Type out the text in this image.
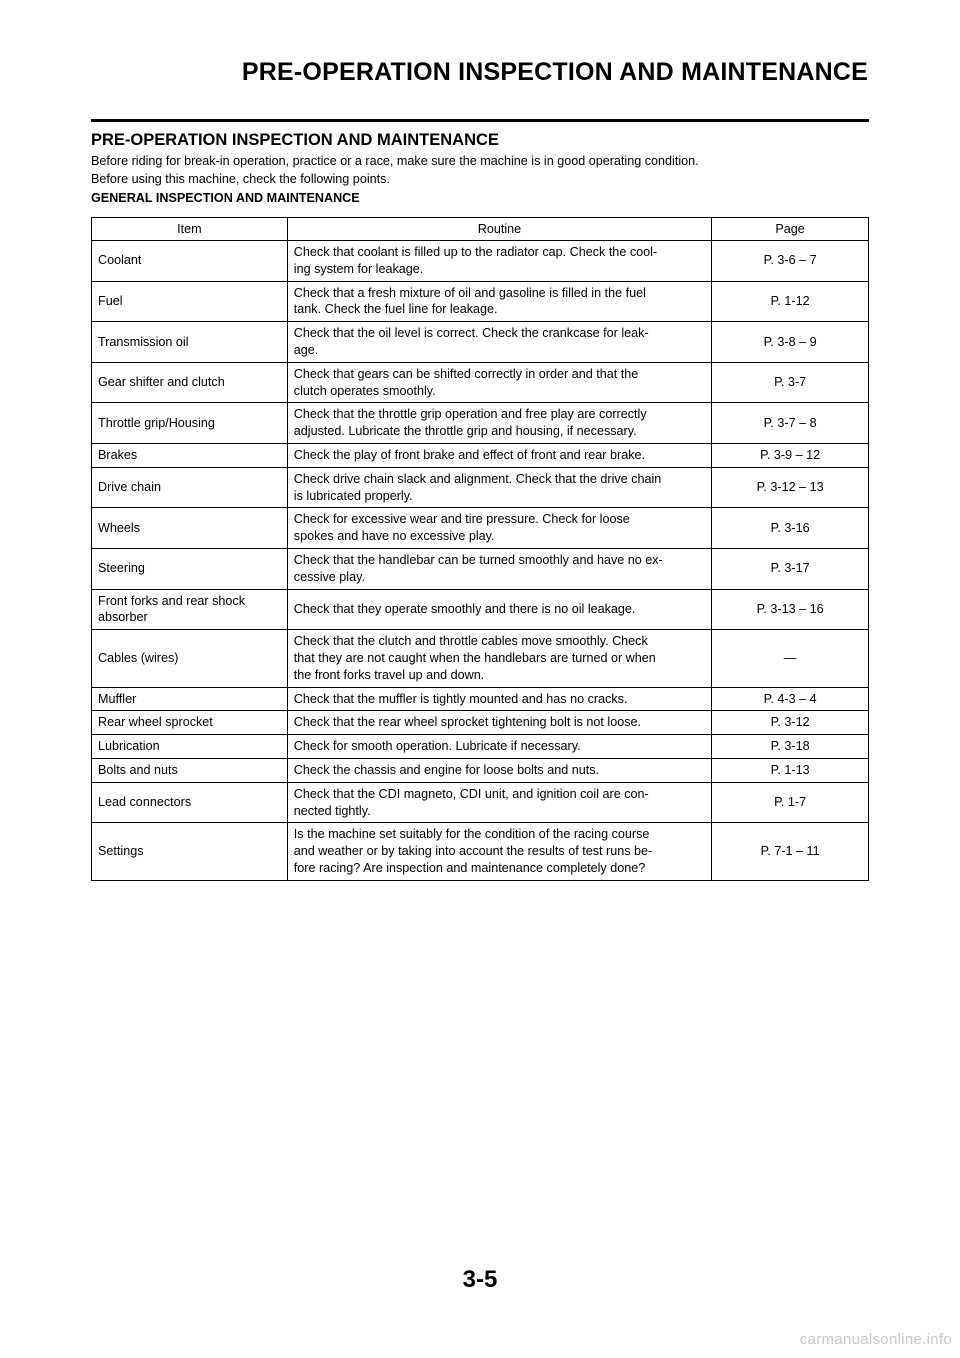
PRE-OPERATION INSPECTION AND MAINTENANCE
PRE-OPERATION INSPECTION AND MAINTENANCE

Before riding for break-in operation, practice or a race, make sure the machine is in good operating condition.

Before using this machine, check the following points.

GENERAL INSPECTION AND MAINTENANCE
Item	Routine	Page
Coolant	Check that coolant is filled up to the radiator cap. Check the cool-
ing system for leakage.	P. 3-6 – 7
Fuel	Check that a fresh mixture of oil and gasoline is filled in the fuel
tank. Check the fuel line for leakage.	P. 1-12
Transmission oil	Check that the oil level is correct. Check the crankcase for leak-
age.	P. 3-8 – 9
Gear shifter and clutch	Check that gears can be shifted correctly in order and that the
clutch operates smoothly.	P. 3-7
Throttle grip/Housing	Check that the throttle grip operation and free play are correctly
adjusted. Lubricate the throttle grip and housing, if necessary.	P. 3-7 – 8
Brakes	Check the play of front brake and effect of front and rear brake.	P. 3-9 – 12
Drive chain	Check drive chain slack and alignment. Check that the drive chain
is lubricated properly.	P. 3-12 – 13
Wheels	Check for excessive wear and tire pressure. Check for loose
spokes and have no excessive play.	P. 3-16
Steering	Check that the handlebar can be turned smoothly and have no ex-
cessive play.	P. 3-17
Front forks and rear shock
absorber	Check that they operate smoothly and there is no oil leakage.	P. 3-13 – 16
Cables (wires)	Check that the clutch and throttle cables move smoothly. Check
that they are not caught when the handlebars are turned or when
the front forks travel up and down.	—
Muffler	Check that the muffler is tightly mounted and has no cracks.	P. 4-3 – 4
Rear wheel sprocket	Check that the rear wheel sprocket tightening bolt is not loose.	P. 3-12
Lubrication	Check for smooth operation. Lubricate if necessary.	P. 3-18
Bolts and nuts	Check the chassis and engine for loose bolts and nuts.	P. 1-13
Lead connectors	Check that the CDI magneto, CDI unit, and ignition coil are con-
nected tightly.	P. 1-7
Settings	Is the machine set suitably for the condition of the racing course
and weather or by taking into account the results of test runs be-
fore racing? Are inspection and maintenance completely done?	P. 7-1 – 11
3-5
carmanualsonline.info
